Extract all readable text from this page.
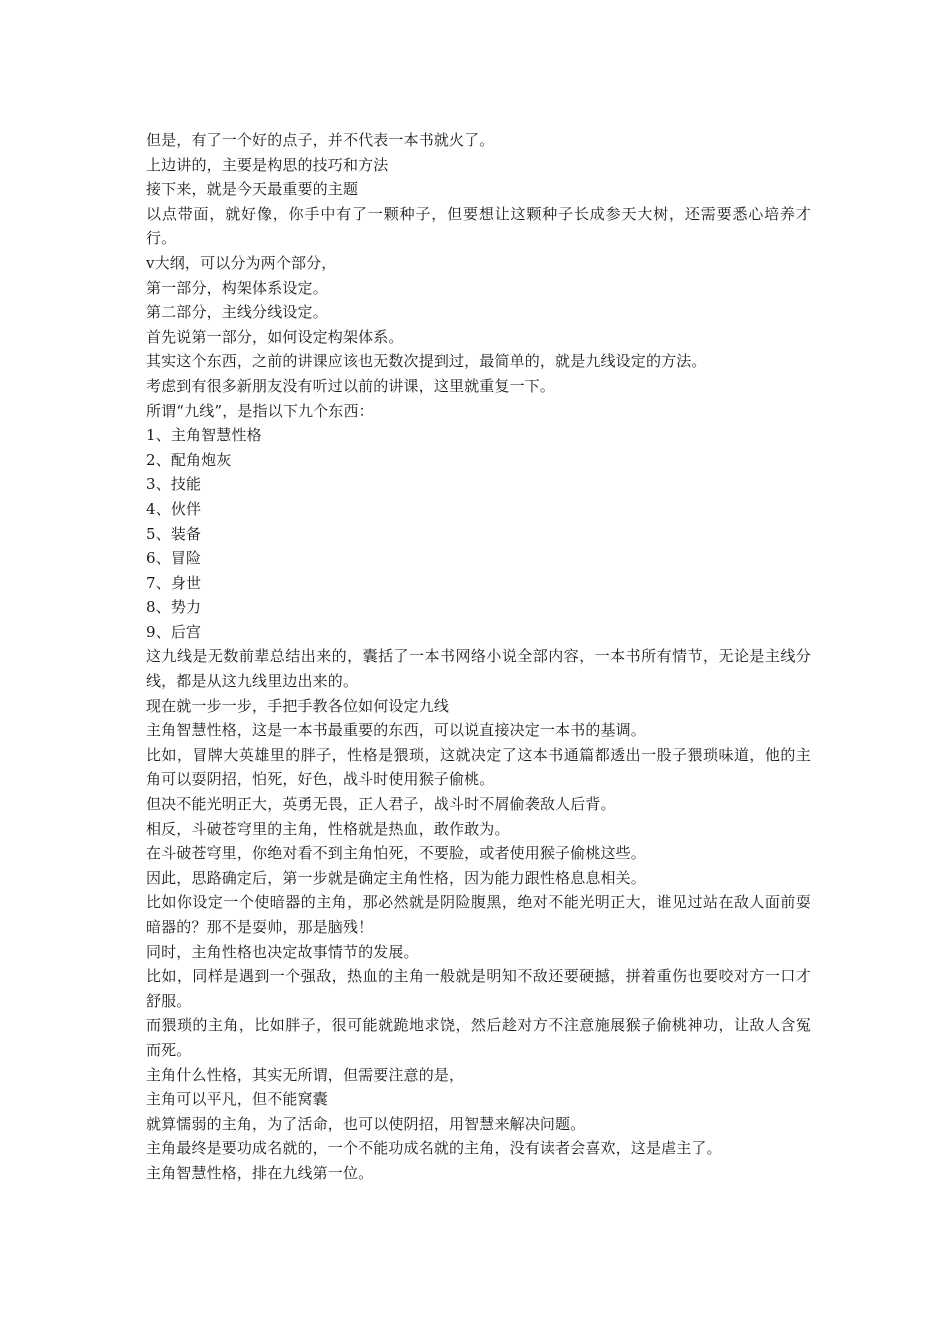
但是，有了一个好的点子，并不代表一本书就火了。

上边讲的，主要是构思的技巧和方法

接下来，就是今天最重要的主题

以点带面，就好像，你手中有了一颗种子，但要想让这颗种子长成参天大树，还需要悉心培养才行。

v大纲，可以分为两个部分，

第一部分，构架体系设定。

第二部分，主线分线设定。

首先说第一部分，如何设定构架体系。

其实这个东西，之前的讲课应该也无数次提到过，最简单的，就是九线设定的方法。

考虑到有很多新朋友没有听过以前的讲课，这里就重复一下。

所谓“九线”，是指以下九个东西：

1、主角智慧性格

2、配角炮灰

3、技能

4、伙伴

5、装备

6、冒险

7、身世

8、势力

9、后宫

这九线是无数前辈总结出来的，囊括了一本书网络小说全部内容，一本书所有情节，无论是主线分线，都是从这九线里边出来的。

现在就一步一步，手把手教各位如何设定九线

主角智慧性格，这是一本书最重要的东西，可以说直接决定一本书的基调。

比如，冒牌大英雄里的胖子，性格是猥琐，这就决定了这本书通篇都透出一股子猥琐味道，他的主角可以耍阴招，怕死，好色，战斗时使用猴子偷桃。

但决不能光明正大，英勇无畏，正人君子，战斗时不屑偷袭敌人后背。

相反，斗破苍穹里的主角，性格就是热血，敢作敢为。

在斗破苍穹里，你绝对看不到主角怕死，不要脸，或者使用猴子偷桃这些。

因此，思路确定后，第一步就是确定主角性格，因为能力跟性格息息相关。

比如你设定一个使暗器的主角，那必然就是阴险腹黑，绝对不能光明正大，谁见过站在敌人面前耍暗器的？那不是耍帅，那是脑残！

同时，主角性格也决定故事情节的发展。

比如，同样是遇到一个强敌，热血的主角一般就是明知不敌还要硬撼，拼着重伤也要咬对方一口才舒服。

而猥琐的主角，比如胖子，很可能就跪地求饶，然后趁对方不注意施展猴子偷桃神功，让敌人含冤而死。

主角什么性格，其实无所谓，但需要注意的是，

主角可以平凡，但不能窝囊

就算懦弱的主角，为了活命，也可以使阴招，用智慧来解决问题。

主角最终是要功成名就的，一个不能功成名就的主角，没有读者会喜欢，这是虐主了。

主角智慧性格，排在九线第一位。
